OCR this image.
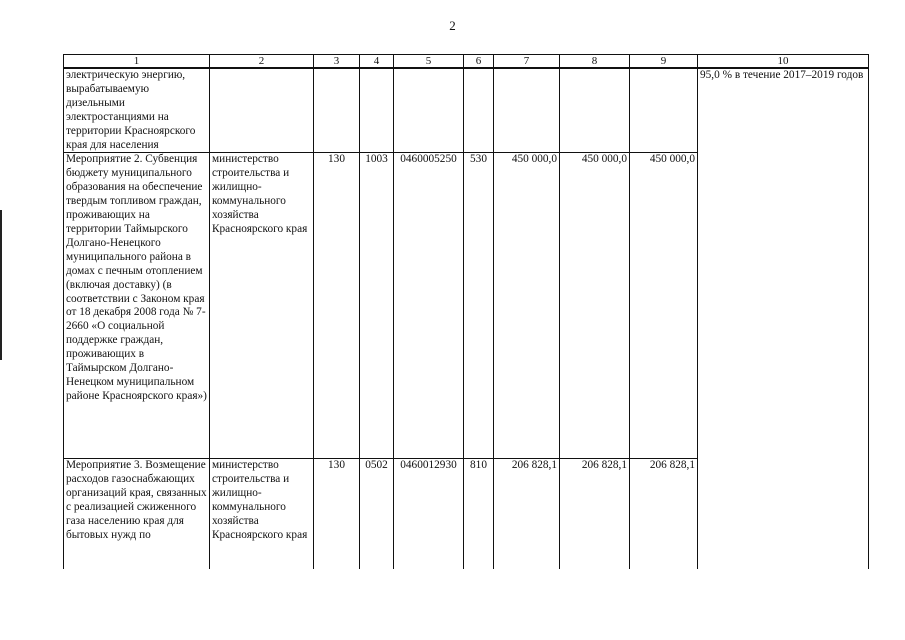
2
1	2	3	4	5	6	7	8	9	10
электрическую энергию, вырабатываемую дизельными электростанциями на территории Красноярского края для населения									95,0 % в течение 2017–2019 годов
Мероприятие 2. Субвенция бюджету муниципального образования на обеспечение твердым топливом граждан, проживающих на территории Таймырского Долгано-Ненецкого муниципального района в домах с печным отоплением (включая доставку) (в соответствии с Законом края от 18 декабря 2008 года № 7-2660 «О социальной поддержке граждан, проживающих в Таймырском Долгано-Ненецком муниципальном районе Красноярского края»)	министерство строительства и жилищно-коммунального хозяйства Красноярского края	130	1003	0460005250	530	450 000,0	450 000,0	450 000,0	
Мероприятие 3. Возмещение расходов газоснабжающих организаций края, связанных с реализацией сжиженного газа населению края для бытовых нужд по	министерство строительства и жилищно-коммунального хозяйства Красноярского края	130	0502	0460012930	810	206 828,1	206 828,1	206 828,1	
